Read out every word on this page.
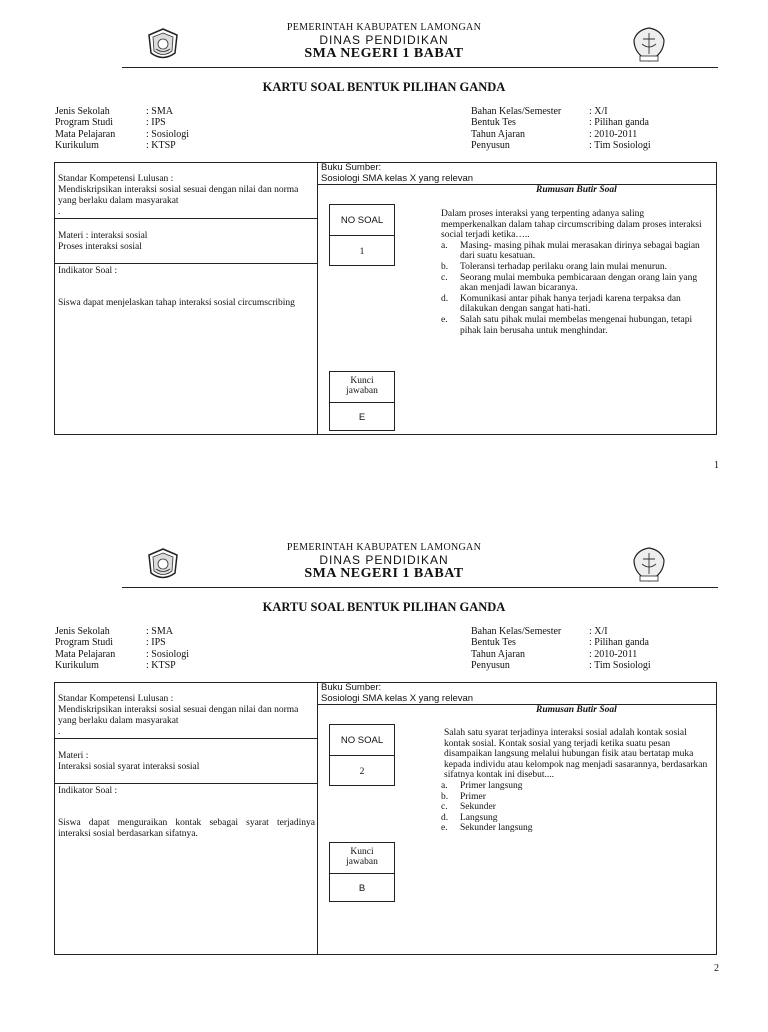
PEMERINTAH KABUPATEN LAMONGAN
DINAS PENDIDIKAN
SMA NEGERI 1 BABAT
KARTU SOAL BENTUK PILIHAN GANDA
Jenis Sekolah
Program Studi
Mata Pelajaran
Kurikulum
: SMA
: IPS
: Sosiologi
: KTSP
Bahan Kelas/Semester
Bentuk Tes
Tahun Ajaran
Penyusun
: X/I
: Pilihan ganda
: 2010-2011
: Tim Sosiologi
Standar Kompetensi Lulusan :
Mendiskripsikan interaksi sosial sesuai dengan nilai dan norma yang berlaku dalam masyarakat
.
Materi : interaksi sosial
Proses interaksi sosial
Indikator Soal :
Siswa dapat menjelaskan tahap interaksi sosial circumscribing
Buku Sumber:
Sosiologi SMA kelas X yang relevan
Rumusan Butir Soal
NO SOAL
1
Kunci jawaban
E
Dalam proses interaksi yang terpenting adanya saling memperkenalkan dalam tahap circumscribing dalam proses interaksi social terjadi ketika…..
a. Masing- masing pihak mulai merasakan dirinya sebagai bagian dari suatu kesatuan.
b. Toleransi terhadap perilaku orang lain mulai menurun.
c. Seorang mulai membuka pembicaraan dengan orang lain yang akan menjadi lawan bicaranya.
d. Komunikasi antar pihak hanya terjadi karena terpaksa dan dilakukan dengan sangat hati-hati.
e. Salah satu pihak mulai membelas mengenai hubungan, tetapi pihak lain berusaha untuk menghindar.
1
PEMERINTAH KABUPATEN LAMONGAN
DINAS PENDIDIKAN
SMA NEGERI 1 BABAT
KARTU SOAL BENTUK PILIHAN GANDA
Jenis Sekolah
Program Studi
Mata Pelajaran
Kurikulum
: SMA
: IPS
: Sosiologi
: KTSP
Bahan Kelas/Semester
Bentuk Tes
Tahun Ajaran
Penyusun
: X/I
: Pilihan ganda
: 2010-2011
: Tim Sosiologi
Standar Kompetensi Lulusan :
Mendiskripsikan interaksi sosial sesuai dengan nilai dan norma yang berlaku dalam masyarakat
.
Materi :
Interaksi sosial syarat interaksi sosial
Indikator Soal :
Siswa dapat menguraikan kontak sebagai syarat terjadinya interaksi sosial berdasarkan sifatnya.
Buku Sumber:
Sosiologi SMA kelas X yang relevan
Rumusan Butir Soal
NO SOAL
2
Kunci jawaban
B
Salah satu syarat terjadinya interaksi sosial adalah kontak sosial kontak sosial. Kontak sosial yang terjadi ketika suatu pesan disampaikan langsung melalui hubungan fisik atau bertatap muka kepada individu atau kelompok nag menjadi sasarannya, berdasarkan sifatnya kontak ini disebut....
a. Primer langsung
b. Primer
c. Sekunder
d. Langsung
e. Sekunder langsung
2
